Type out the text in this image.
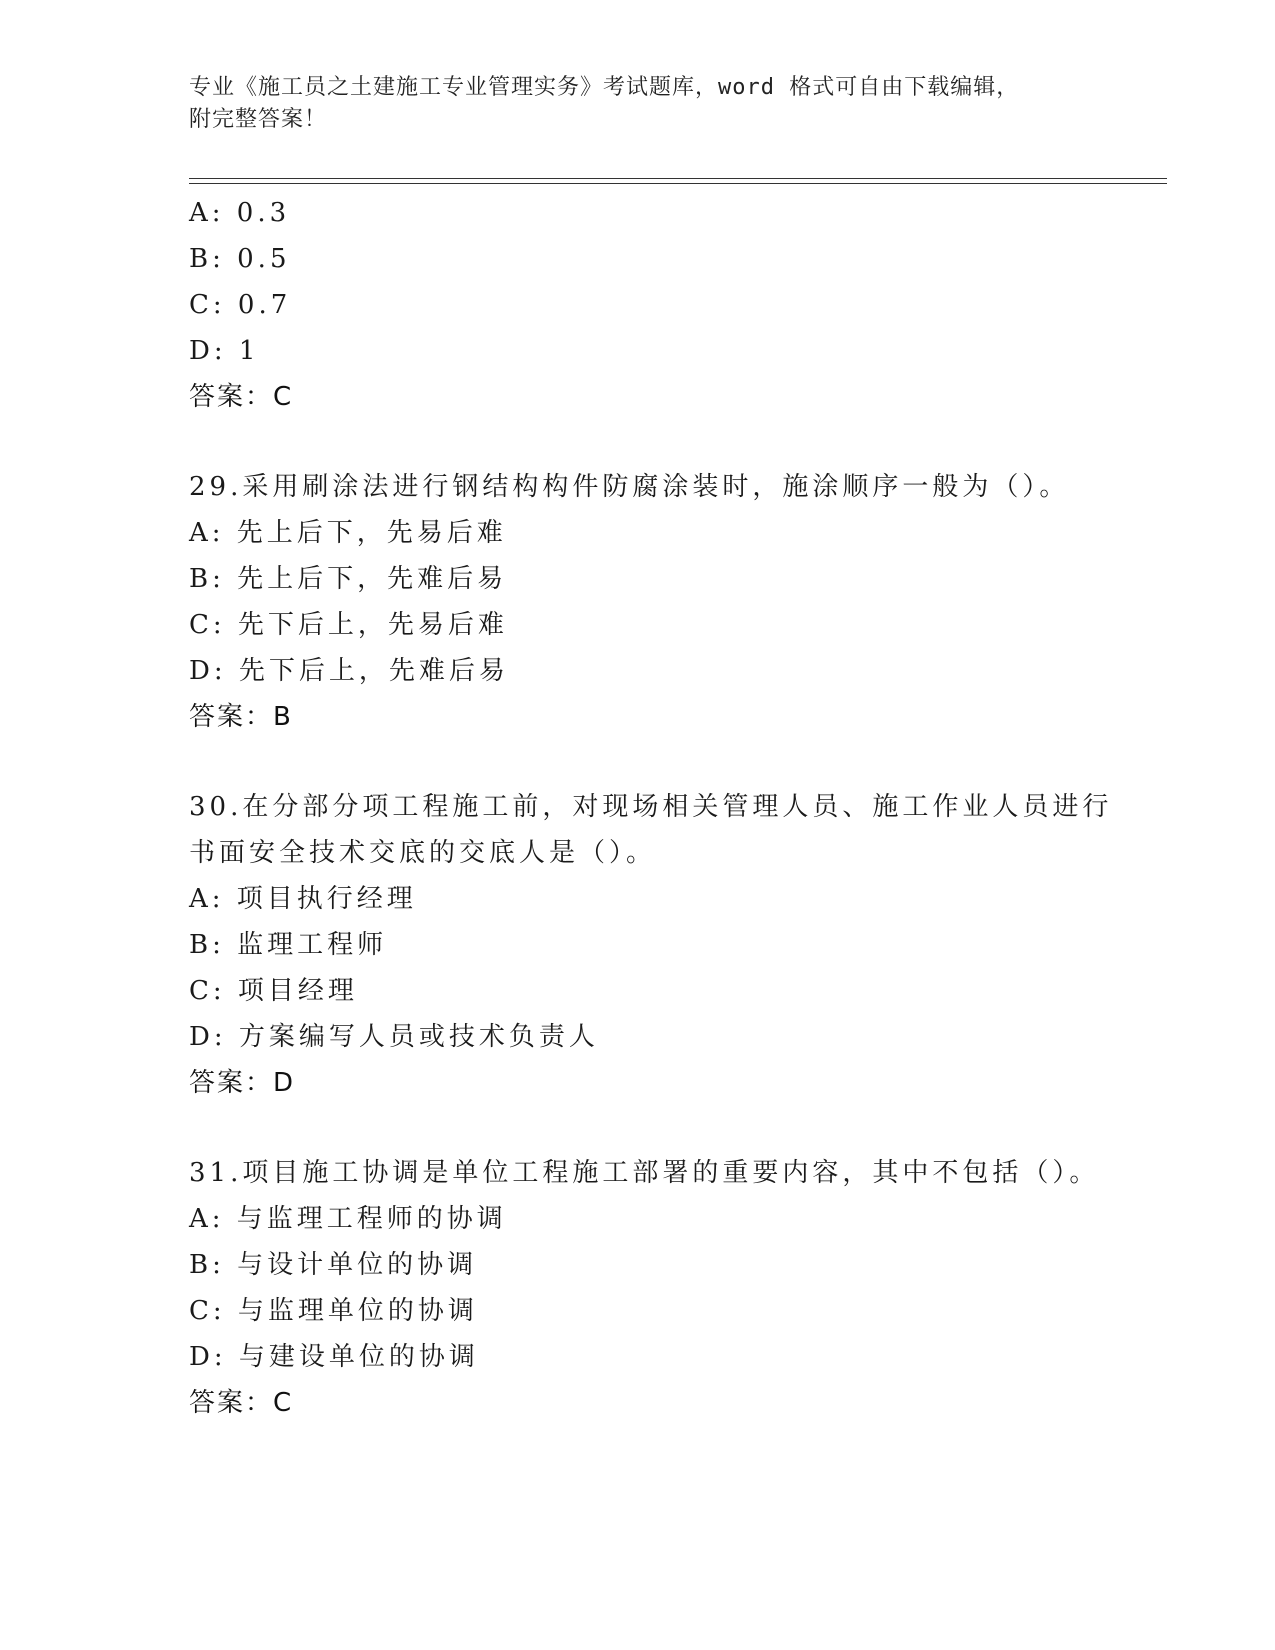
专业《施工员之土建施工专业管理实务》考试题库，word 格式可自由下载编辑，
附完整答案！
A: 0.3
B: 0.5
C: 0.7
D: 1
答案：C
29.采用刷涂法进行钢结构构件防腐涂装时，施涂顺序一般为（）。
A: 先上后下，先易后难
B: 先上后下，先难后易
C: 先下后上，先易后难
D: 先下后上，先难后易
答案：B
30.在分部分项工程施工前，对现场相关管理人员、施工作业人员进行
书面安全技术交底的交底人是（）。
A: 项目执行经理
B: 监理工程师
C: 项目经理
D: 方案编写人员或技术负责人
答案：D
31.项目施工协调是单位工程施工部署的重要内容，其中不包括（）。
A: 与监理工程师的协调
B: 与设计单位的协调
C: 与监理单位的协调
D: 与建设单位的协调
答案：C
